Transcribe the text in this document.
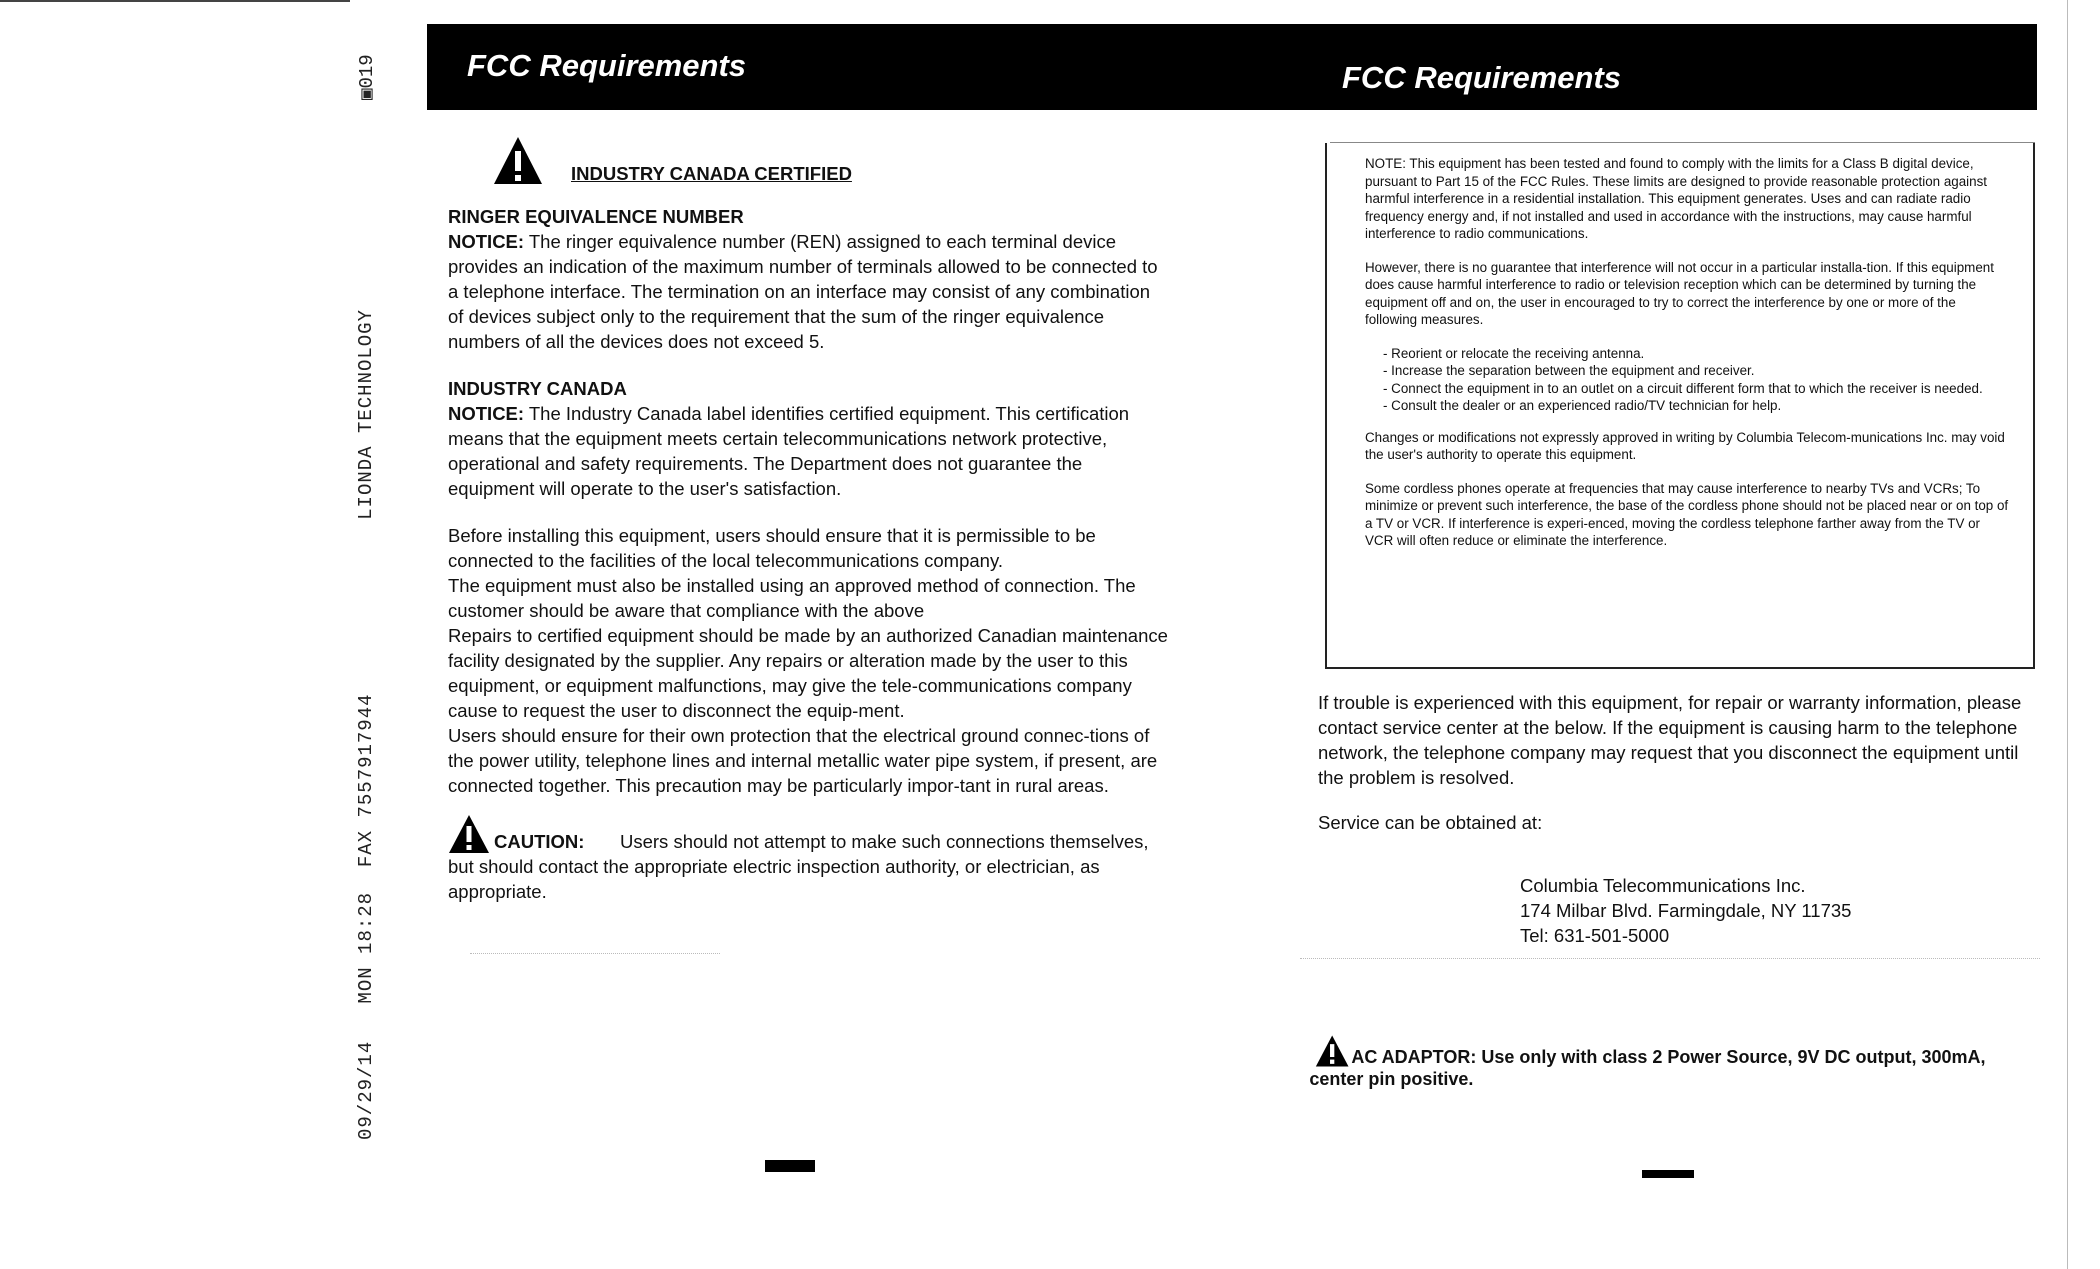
09/29/14   MON 18:28  FAX 7557917944              LIONDA TECHNOLOGY
▣019	FCC Requirements	FCC Requirements
INDUSTRY CANADA CERTIFIED

RINGER EQUIVALENCE NUMBER

NOTICE: The ringer equivalence number (REN) assigned to each terminal device provides an indication of the maximum number of terminals allowed to be connected to a telephone interface. The termination on an interface may consist of any combination of devices subject only to the requirement that the sum of the ringer equivalence numbers of all the devices does not exceed 5.

INDUSTRY CANADA

NOTICE: The Industry Canada label identifies certified equipment. This certification means that the equipment meets certain telecommunications network protective, operational and safety requirements. The Department does not guarantee the equipment will operate to the user's satisfaction.

Before installing this equipment, users should ensure that it is permissible to be connected to the facilities of the local telecommunications company.

The equipment must also be installed using an approved method of connection. The customer should be aware that compliance with the above

Repairs to certified equipment should be made by an authorized Canadian maintenance facility designated by the supplier. Any repairs or alteration made by the user to this equipment, or equipment malfunctions, may give the tele-communications company cause to request the user to disconnect the equip-ment.

Users should ensure for their own protection that the electrical ground connec-tions of the power utility, telephone lines and internal metallic water pipe system, if present, are connected together. This precaution may be particularly impor-tant in rural areas.

CAUTION:	Users should not attempt to make such connections themselves, but should contact the appropriate electric inspection authority, or electrician, as appropriate.

NOTE: This equipment has been tested and found to comply with the limits for a Class B digital device, pursuant to Part 15 of the FCC Rules. These limits are designed to provide reasonable protection against harmful interference in a residential installation. This equipment generates. Uses and can radiate radio frequency energy and, if not installed and used in accordance with the instructions, may cause harmful interference to radio communications.

However, there is no guarantee that interference will not occur in a particular installa-tion. If this equipment does cause harmful interference to radio or television reception which can be determined by turning the equipment off and on, the user in encouraged to try to correct the interference by one or more of the following measures.

- Reorient or relocate the receiving antenna.
- Increase the separation between the equipment and receiver.
- Connect the equipment in to an outlet on a circuit different form that to which the receiver is needed.
- Consult the dealer or an experienced radio/TV technician for help.

Changes or modifications not expressly approved in writing by Columbia Telecom-munications Inc. may void the user's authority to operate this equipment.

Some cordless phones operate at frequencies that may cause interference to nearby TVs and VCRs; To minimize or prevent such interference, the base of the cordless phone should not be placed near or on top of a TV or VCR. If interference is experi-enced, moving the cordless telephone farther away from the TV or VCR will often reduce or eliminate the interference.

If trouble is experienced with this equipment, for repair or warranty information, please contact service center at the below. If the equipment is causing harm to the telephone network, the telephone company may request that you disconnect the equipment until the problem is resolved.

Service can be obtained at:

Columbia Telecommunications Inc.
174 Milbar Blvd. Farmingdale, NY 11735
Tel: 631-501-5000
AC ADAPTOR: Use only with class 2 Power Source, 9V DC output, 300mA, center pin positive.
